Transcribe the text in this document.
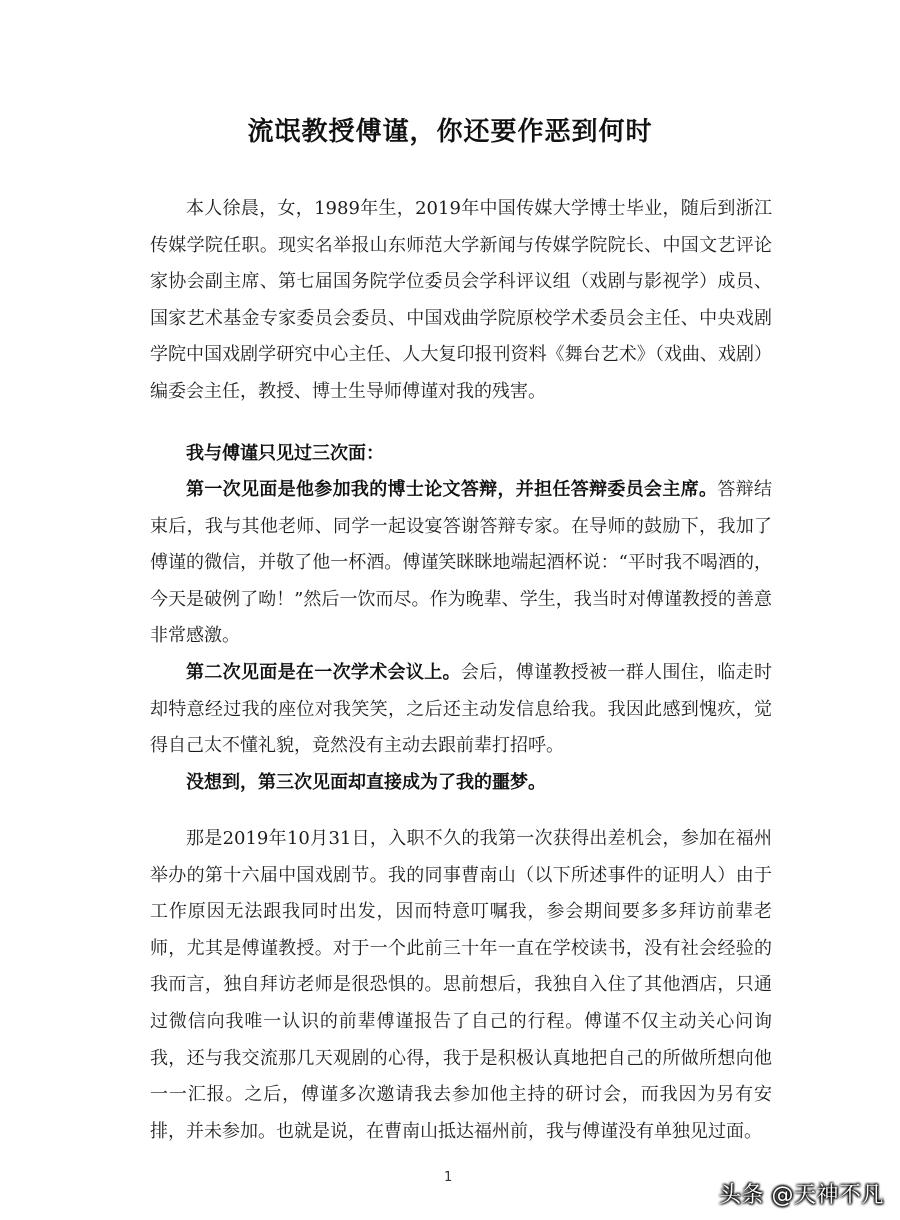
流氓教授傅谨，你还要作恶到何时

本人徐晨，女，1989年生，2019年中国传媒大学博士毕业，随后到浙江传媒学院任职。现实名举报山东师范大学新闻与传媒学院院长、中国文艺评论家协会副主席、第七届国务院学位委员会学科评议组（戏剧与影视学）成员、国家艺术基金专家委员会委员、中国戏曲学院原校学术委员会主任、中央戏剧学院中国戏剧学研究中心主任、人大复印报刊资料《舞台艺术》（戏曲、戏剧）编委会主任，教授、博士生导师傅谨对我的残害。

我与傅谨只见过三次面：

第一次见面是他参加我的博士论文答辩，并担任答辩委员会主席。答辩结束后，我与其他老师、同学一起设宴答谢答辩专家。在导师的鼓励下，我加了傅谨的微信，并敬了他一杯酒。傅谨笑眯眯地端起酒杯说：“平时我不喝酒的，今天是破例了呦！”然后一饮而尽。作为晚辈、学生，我当时对傅谨教授的善意非常感激。

第二次见面是在一次学术会议上。会后，傅谨教授被一群人围住，临走时却特意经过我的座位对我笑笑，之后还主动发信息给我。我因此感到愧疚，觉得自己太不懂礼貌，竟然没有主动去跟前辈打招呼。

没想到，第三次见面却直接成为了我的噩梦。

那是2019年10月31日，入职不久的我第一次获得出差机会，参加在福州举办的第十六届中国戏剧节。我的同事曹南山（以下所述事件的证明人）由于工作原因无法跟我同时出发，因而特意叮嘱我，参会期间要多多拜访前辈老师，尤其是傅谨教授。对于一个此前三十年一直在学校读书，没有社会经验的我而言，独自拜访老师是很恐惧的。思前想后，我独自入住了其他酒店，只通过微信向我唯一认识的前辈傅谨报告了自己的行程。傅谨不仅主动关心问询我，还与我交流那几天观剧的心得，我于是积极认真地把自己的所做所想向他一一汇报。之后，傅谨多次邀请我去参加他主持的研讨会，而我因为另有安排，并未参加。也就是说，在曹南山抵达福州前，我与傅谨没有单独见过面。

1
头条 @天神不凡
